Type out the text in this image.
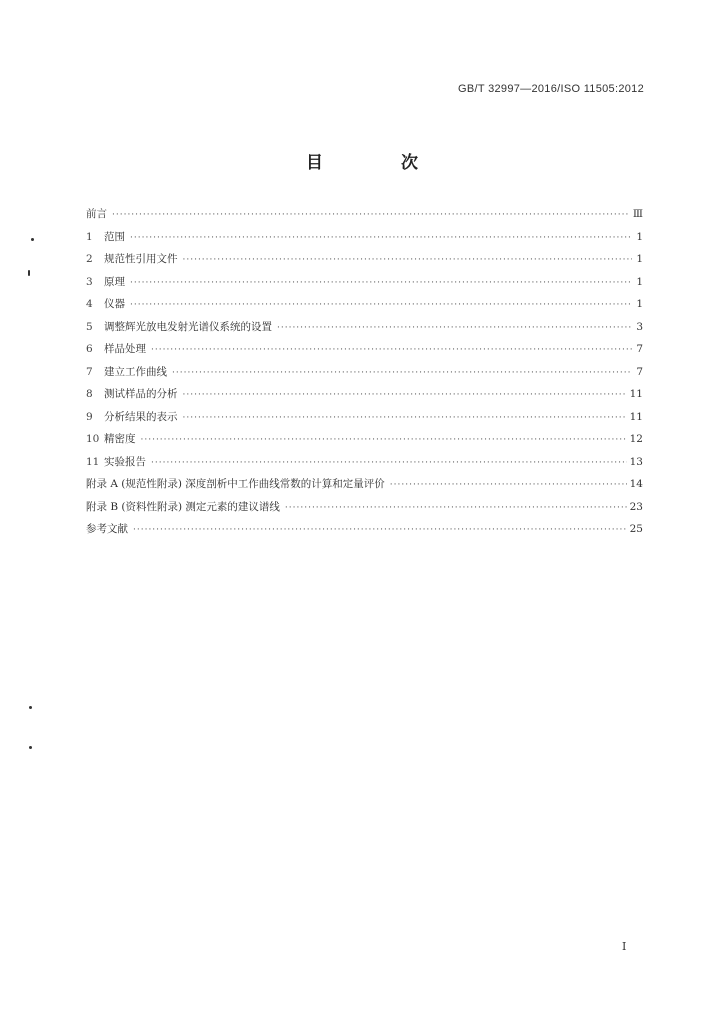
GB/T 32997—2016/ISO 11505:2012
目 次
前言 ·····	Ⅲ
1	范围 ·····	1
2	规范性引用文件 ·····	1
3	原理 ·····	1
4	仪器 ·····	1
5	调整辉光放电发射光谱仪系统的设置 ·····	3
6	样品处理 ·····	7
7	建立工作曲线 ·····	7
8	测试样品的分析 ·····	11
9	分析结果的表示 ·····	11
10 精密度 ·····	12
11 实验报告 ·····	13
附录 A (规范性附录) 深度剖析中工作曲线常数的计算和定量评价 ·····	14
附录 B (资料性附录) 测定元素的建议谱线 ·····	23
参考文献 ·····	25
Ⅰ
